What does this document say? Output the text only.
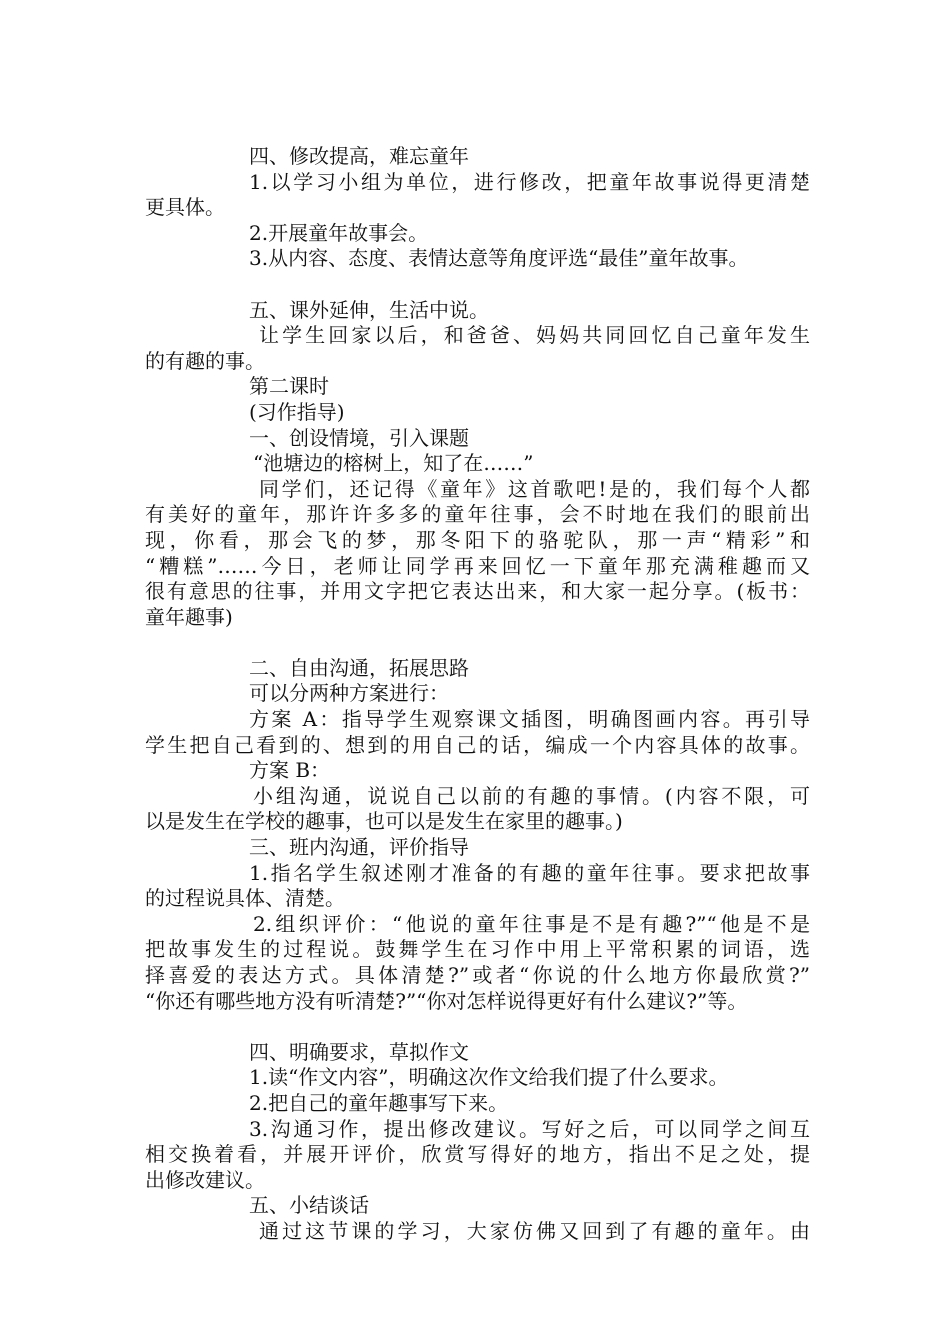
四、修改提高，难忘童年
1.以学习小组为单位，进行修改，把童年故事说得更清楚
更具体。
2.开展童年故事会。
3.从内容、态度、表情达意等角度评选“最佳”童年故事。
五、课外延伸，生活中说。
让学生回家以后，和爸爸、妈妈共同回忆自己童年发生
的有趣的事。
第二课时
(习作指导)
一、创设情境，引入课题
“池塘边的榕树上，知了在……”
同学们，还记得《童年》这首歌吧!是的，我们每个人都
有美好的童年，那许许多多的童年往事，会不时地在我们的眼前出
现，你看，那会飞的梦，那冬阳下的骆驼队，那一声“精彩”和
“糟糕”……今日，老师让同学再来回忆一下童年那充满稚趣而又
很有意思的往事，并用文字把它表达出来，和大家一起分享。(板书：
童年趣事)
二、自由沟通，拓展思路
可以分两种方案进行：
方案 A：指导学生观察课文插图，明确图画内容。再引导
学生把自己看到的、想到的用自己的话，编成一个内容具体的故事。
方案 B：
小组沟通，说说自己以前的有趣的事情。(内容不限，可
以是发生在学校的趣事，也可以是发生在家里的趣事。)
三、班内沟通，评价指导
1.指名学生叙述刚才准备的有趣的童年往事。要求把故事
的过程说具体、清楚。
2.组织评价：“他说的童年往事是不是有趣?”“他是不是
把故事发生的过程说。鼓舞学生在习作中用上平常积累的词语，选
择喜爱的表达方式。具体清楚?”或者“你说的什么地方你最欣赏?”
“你还有哪些地方没有听清楚?”“你对怎样说得更好有什么建议?”等。
四、明确要求，草拟作文
1.读“作文内容”，明确这次作文给我们提了什么要求。
2.把自己的童年趣事写下来。
3.沟通习作，提出修改建议。写好之后，可以同学之间互
相交换着看，并展开评价，欣赏写得好的地方，指出不足之处，提
出修改建议。
五、小结谈话
通过这节课的学习，大家仿佛又回到了有趣的童年。由
